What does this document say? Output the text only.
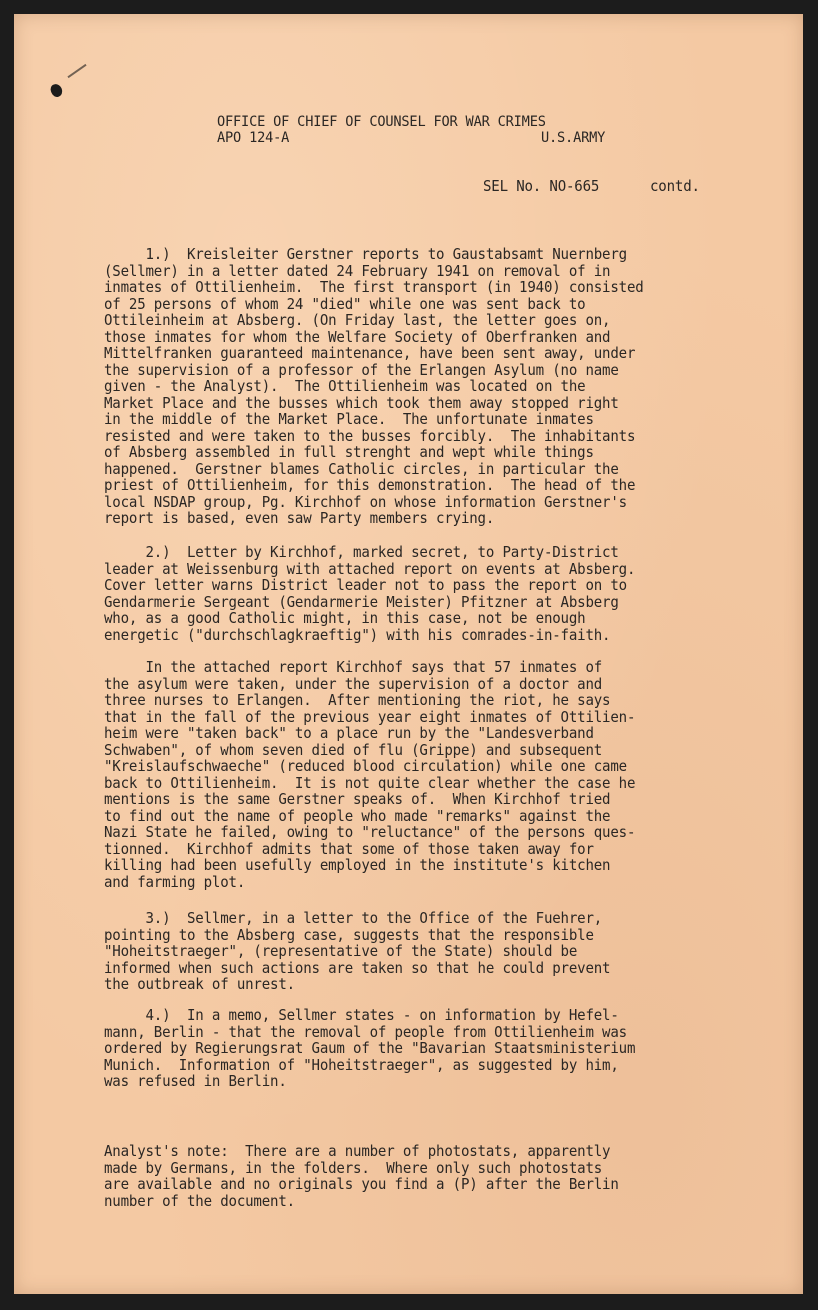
OFFICE OF CHIEF OF COUNSEL FOR WAR CRIMES
APO 124-A	U.S.ARMY
SEL No. NO-665	contd.
1.)  Kreisleiter Gerstner reports to Gaustabsamt Nuernberg
(Sellmer) in a letter dated 24 February 1941 on removal of in
inmates of Ottilienheim.  The first transport (in 1940) consisted
of 25 persons of whom 24 "died" while one was sent back to
Ottileinheim at Absberg. (On Friday last, the letter goes on,
those inmates for whom the Welfare Society of Oberfranken and
Mittelfranken guaranteed maintenance, have been sent away, under
the supervision of a professor of the Erlangen Asylum (no name
given - the Analyst).  The Ottilienheim was located on the
Market Place and the busses which took them away stopped right
in the middle of the Market Place.  The unfortunate inmates
resisted and were taken to the busses forcibly.  The inhabitants
of Absberg assembled in full strenght and wept while things
happened.  Gerstner blames Catholic circles, in particular the
priest of Ottilienheim, for this demonstration.  The head of the
local NSDAP group, Pg. Kirchhof on whose information Gerstner's
report is based, even saw Party members crying.
2.)  Letter by Kirchhof, marked secret, to Party-District
leader at Weissenburg with attached report on events at Absberg.
Cover letter warns District leader not to pass the report on to
Gendarmerie Sergeant (Gendarmerie Meister) Pfitzner at Absberg
who, as a good Catholic might, in this case, not be enough
energetic ("durchschlagkraeftig") with his comrades-in-faith.
In the attached report Kirchhof says that 57 inmates of
the asylum were taken, under the supervision of a doctor and
three nurses to Erlangen.  After mentioning the riot, he says
that in the fall of the previous year eight inmates of Ottilien-
heim were "taken back" to a place run by the "Landesverband
Schwaben", of whom seven died of flu (Grippe) and subsequent
"Kreislaufschwaeche" (reduced blood circulation) while one came
back to Ottilienheim.  It is not quite clear whether the case he
mentions is the same Gerstner speaks of.  When Kirchhof tried
to find out the name of people who made "remarks" against the
Nazi State he failed, owing to "reluctance" of the persons ques-
tionned.  Kirchhof admits that some of those taken away for
killing had been usefully employed in the institute's kitchen
and farming plot.
3.)  Sellmer, in a letter to the Office of the Fuehrer,
pointing to the Absberg case, suggests that the responsible
"Hoheitstraeger", (representative of the State) should be
informed when such actions are taken so that he could prevent
the outbreak of unrest.
4.)  In a memo, Sellmer states - on information by Hefel-
mann, Berlin - that the removal of people from Ottilienheim was
ordered by Regierungsrat Gaum of the "Bavarian Staatsministerium
Munich.  Information of "Hoheitstraeger", as suggested by him,
was refused in Berlin.
Analyst's note:  There are a number of photostats, apparently
made by Germans, in the folders.  Where only such photostats
are available and no originals you find a (P) after the Berlin
number of the document.
